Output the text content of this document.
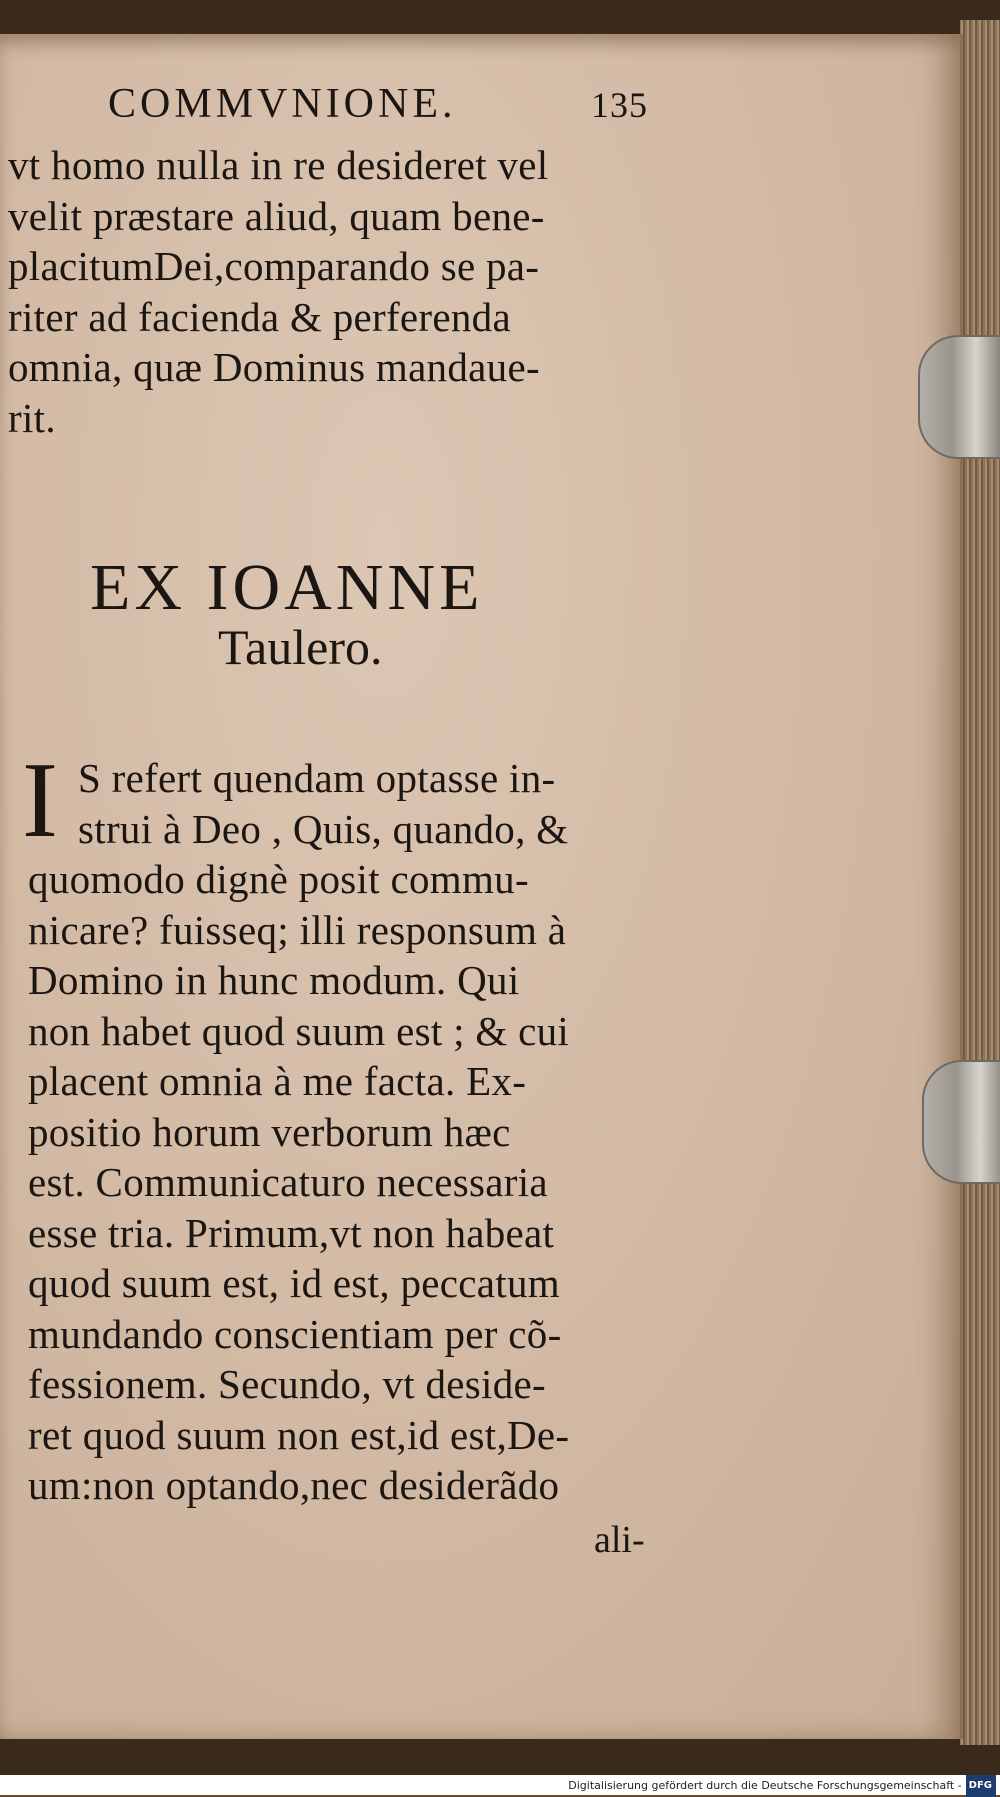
COMMVNIONE.	135
vt homo nulla in re desideret vel
velit præstare aliud, quam bene-
placitumDei,comparando se pa-
riter ad facienda & perferenda
omnia, quæ Dominus mandaue-
rit.
EX IOANNE
Taulero.
I S refert quendam optasse in-
strui à Deo , Quis, quando, &
quomodo dignè posit commu-
nicare? fuisseq; illi responsum à
Domino in hunc modum. Qui
non habet quod suum est ; & cui
placent omnia à me facta. Ex-
positio horum verborum hæc
est. Communicaturo necessaria
esse tria. Primum,vt non habeat
quod suum est, id est, peccatum
mundando conscientiam per cõ-
fessionem. Secundo, vt deside-
ret quod suum non est,id est,De-
um:non optando,nec desiderãdo
ali-
Digitalisierung gefördert durch die Deutsche Forschungsgemeinschaft - DFG
